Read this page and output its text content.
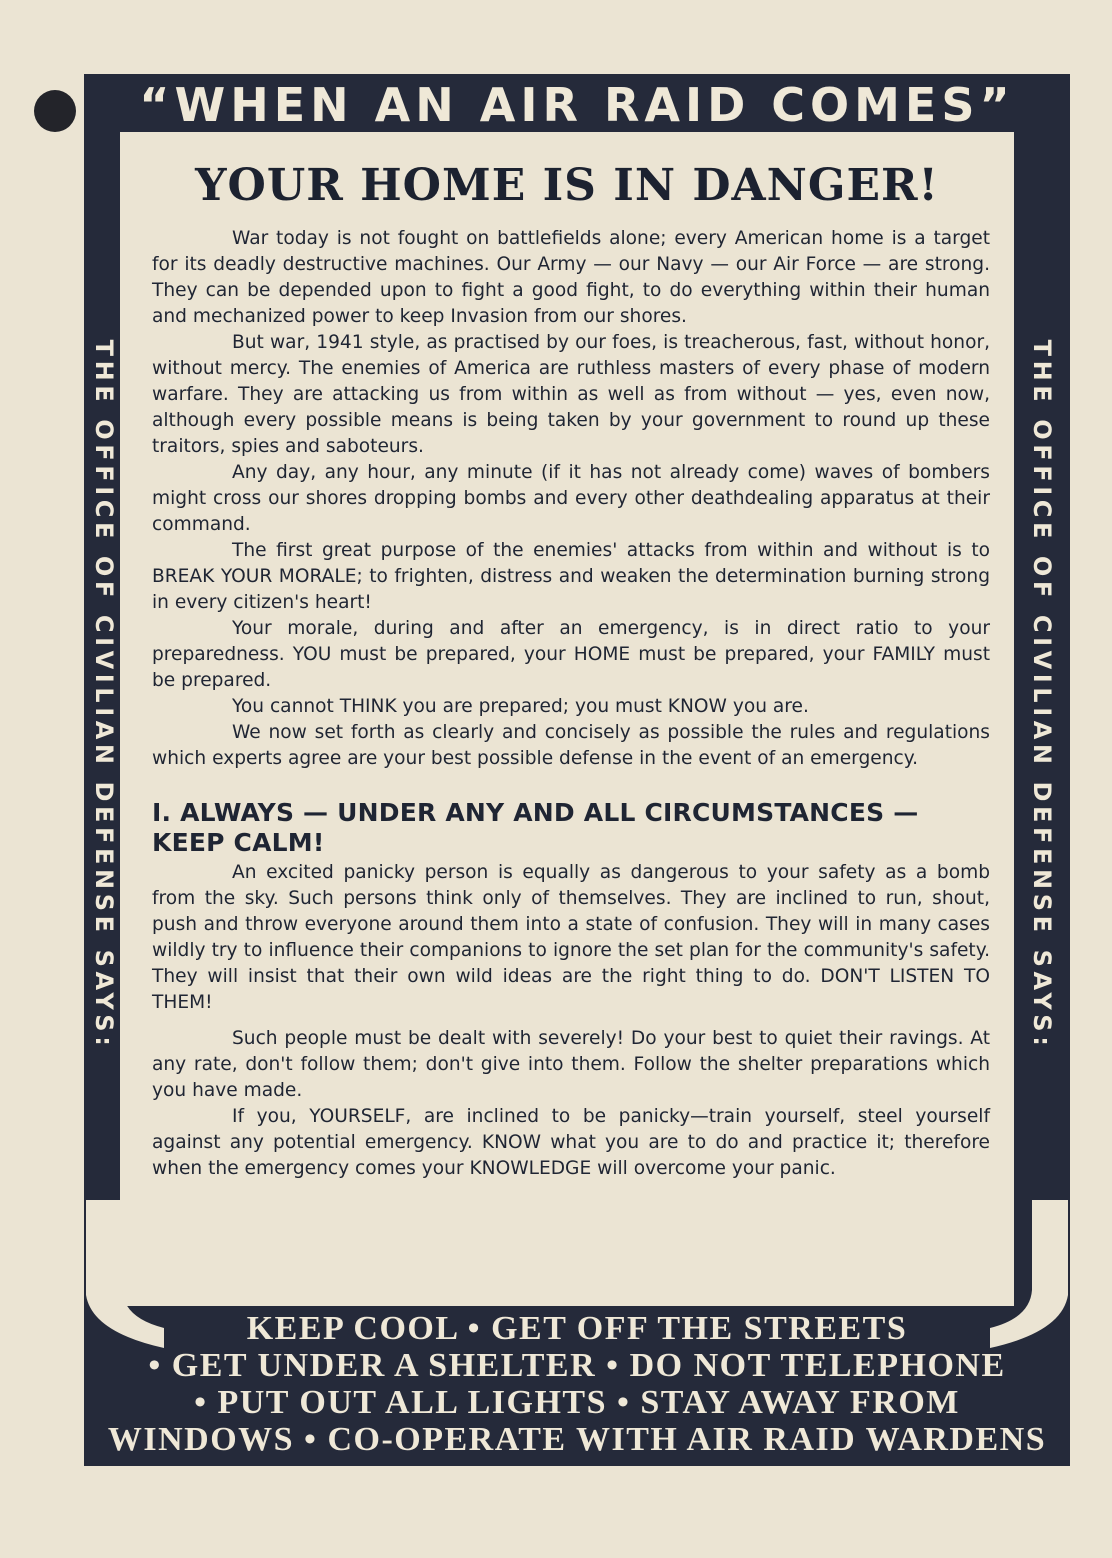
“WHEN AN AIR RAID COMES”
THE OFFICE OF CIVILIAN DEFENSE SAYS:	THE OFFICE OF CIVILIAN DEFENSE SAYS:
YOUR HOME IS IN DANGER!

War today is not fought on battlefields alone; every American home is a target for its deadly destructive machines. Our Army — our Navy — our Air Force — are strong. They can be depended upon to fight a good fight, to do everything within their human and mechanized power to keep Invasion from our shores.

But war, 1941 style, as practised by our foes, is treacherous, fast, without honor, without mercy. The enemies of America are ruthless masters of every phase of modern warfare. They are attacking us from within as well as from without — yes, even now, although every possible means is being taken by your government to round up these traitors, spies and saboteurs.

Any day, any hour, any minute (if it has not already come) waves of bombers might cross our shores dropping bombs and every other deathdealing apparatus at their command.

The first great purpose of the enemies' attacks from within and without is to BREAK YOUR MORALE; to frighten, distress and weaken the determination burning strong in every citizen's heart!

Your morale, during and after an emergency, is in direct ratio to your preparedness. YOU must be prepared, your HOME must be prepared, your FAMILY must be prepared.

You cannot THINK you are prepared; you must KNOW you are.

We now set forth as clearly and concisely as possible the rules and regulations which experts agree are your best possible defense in the event of an emergency.

I. ALWAYS — UNDER ANY AND ALL CIRCUMSTANCES — KEEP CALM!

An excited panicky person is equally as dangerous to your safety as a bomb from the sky. Such persons think only of themselves. They are inclined to run, shout, push and throw everyone around them into a state of confusion. They will in many cases wildly try to influence their companions to ignore the set plan for the community's safety. They will insist that their own wild ideas are the right thing to do. DON'T LISTEN TO THEM!

Such people must be dealt with severely! Do your best to quiet their ravings. At any rate, don't follow them; don't give into them. Follow the shelter preparations which you have made.

If you, YOURSELF, are inclined to be panicky—train yourself, steel yourself against any potential emergency. KNOW what you are to do and practice it; therefore when the emergency comes your KNOWLEDGE will overcome your panic.

KEEP COOL • GET OFF THE STREETS
• GET UNDER A SHELTER • DO NOT TELEPHONE
• PUT OUT ALL LIGHTS • STAY AWAY FROM
WINDOWS • CO-OPERATE WITH AIR RAID WARDENS
